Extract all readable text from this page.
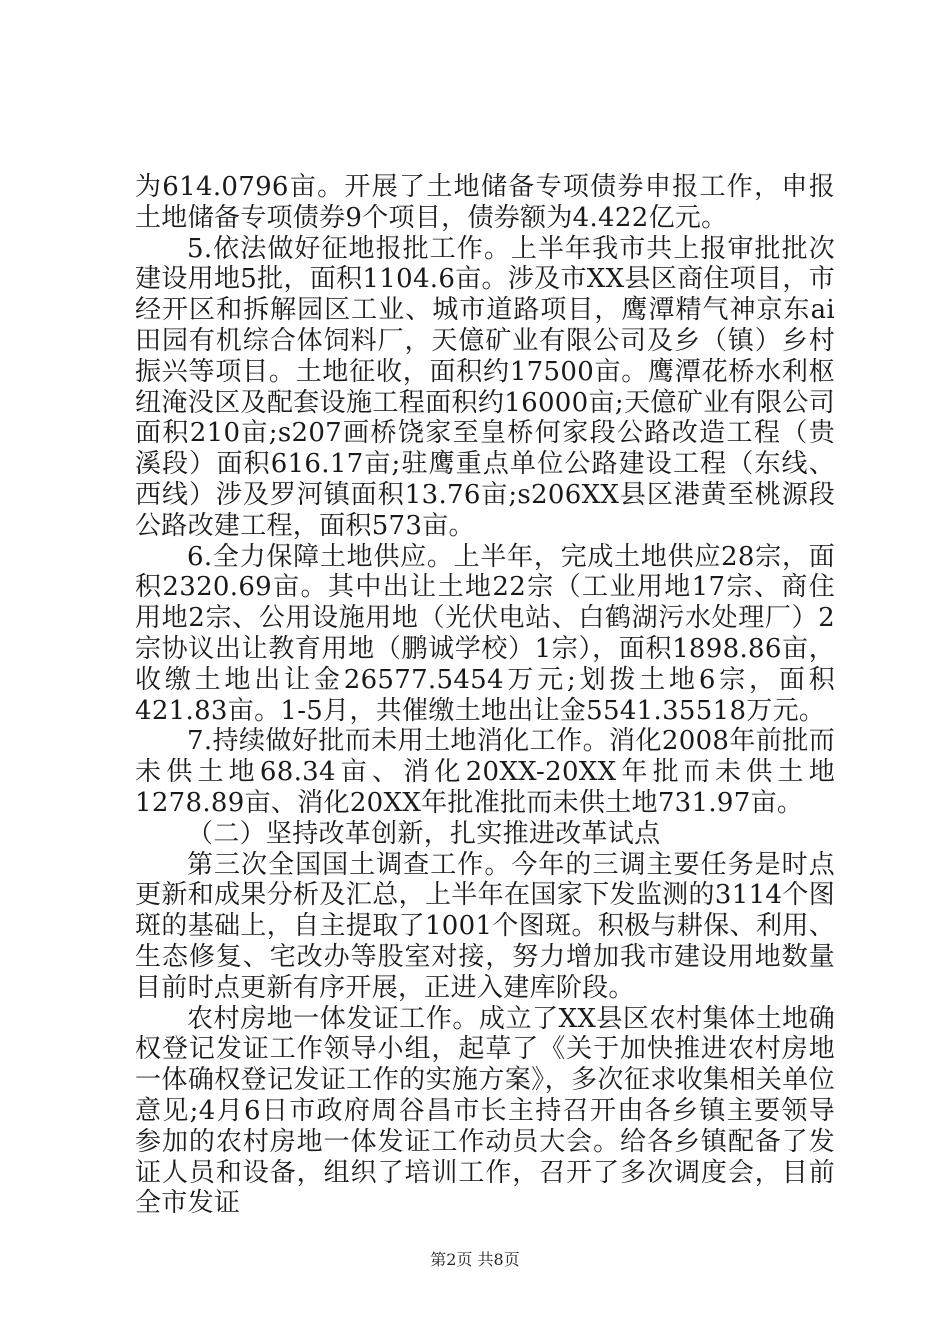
为614.0796亩。开展了土地储备专项债券申报工作，申报土地储备专项债券9个项目，债券额为4.422亿元。

5.依法做好征地报批工作。上半年我市共上报审批批次建设用地5批，面积1104.6亩。涉及市XX县区商住项目，市经开区和拆解园区工业、城市道路项目，鹰潭精气神京东ai田园有机综合体饲料厂，天億矿业有限公司及乡（镇）乡村振兴等项目。土地征收，面积约17500亩。鹰潭花桥水利枢纽淹没区及配套设施工程面积约16000亩;天億矿业有限公司面积210亩;s207画桥饶家至皇桥何家段公路改造工程（贵溪段）面积616.17亩;驻鹰重点单位公路建设工程（东线、西线）涉及罗河镇面积13.76亩;s206XX县区港黄至桃源段公路改建工程，面积573亩。

6.全力保障土地供应。上半年，完成土地供应28宗，面积2320.69亩。其中出让土地22宗（工业用地17宗、商住用地2宗、公用设施用地（光伏电站、白鹤湖污水处理厂）2宗协议出让教育用地（鹏诚学校）1宗），面积1898.86亩，收缴土地出让金26577.5454万元;划拨土地6宗，面积421.83亩。1-5月，共催缴土地出让金5541.35518万元。

7.持续做好批而未用土地消化工作。消化2008年前批而未供土地68.34亩、消化20XX-20XX年批而未供土地1278.89亩、消化20XX年批准批而未供土地731.97亩。

（二）坚持改革创新，扎实推进改革试点

第三次全国国土调查工作。今年的三调主要任务是时点更新和成果分析及汇总，上半年在国家下发监测的3114个图斑的基础上，自主提取了1001个图斑。积极与耕保、利用、生态修复、宅改办等股室对接，努力增加我市建设用地数量目前时点更新有序开展，正进入建库阶段。

农村房地一体发证工作。成立了XX县区农村集体土地确权登记发证工作领导小组，起草了《关于加快推进农村房地一体确权登记发证工作的实施方案》，多次征求收集相关单位意见;4月6日市政府周谷昌市长主持召开由各乡镇主要领导参加的农村房地一体发证工作动员大会。给各乡镇配备了发证人员和设备，组织了培训工作，召开了多次调度会，目前全市发证

第2页 共8页
